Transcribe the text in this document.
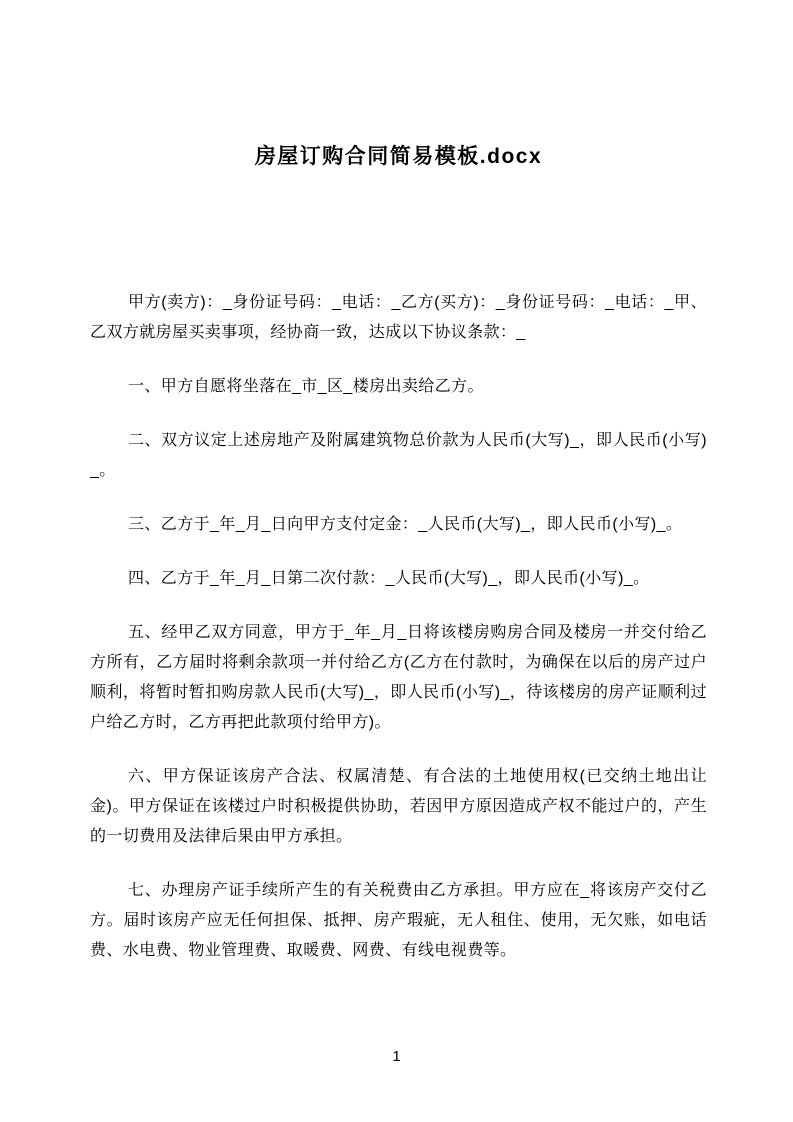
房屋订购合同简易模板.docx

甲方(卖方)：_身份证号码：_电话：_乙方(买方)：_身份证号码：_电话：_甲、乙双方就房屋买卖事项，经协商一致，达成以下协议条款：_

一、甲方自愿将坐落在_市_区_楼房出卖给乙方。

二、双方议定上述房地产及附属建筑物总价款为人民币(大写)_，即人民币(小写)_。

三、乙方于_年_月_日向甲方支付定金：_人民币(大写)_，即人民币(小写)_。

四、乙方于_年_月_日第二次付款：_人民币(大写)_，即人民币(小写)_。

五、经甲乙双方同意，甲方于_年_月_日将该楼房购房合同及楼房一并交付给乙方所有，乙方届时将剩余款项一并付给乙方(乙方在付款时，为确保在以后的房产过户顺利，将暂时暂扣购房款人民币(大写)_，即人民币(小写)_，待该楼房的房产证顺利过户给乙方时，乙方再把此款项付给甲方)。

六、甲方保证该房产合法、权属清楚、有合法的土地使用权(已交纳土地出让金)。甲方保证在该楼过户时积极提供协助，若因甲方原因造成产权不能过户的，产生的一切费用及法律后果由甲方承担。

七、办理房产证手续所产生的有关税费由乙方承担。甲方应在_将该房产交付乙方。届时该房产应无任何担保、抵押、房产瑕疵，无人租住、使用，无欠账，如电话费、水电费、物业管理费、取暖费、网费、有线电视费等。

1
